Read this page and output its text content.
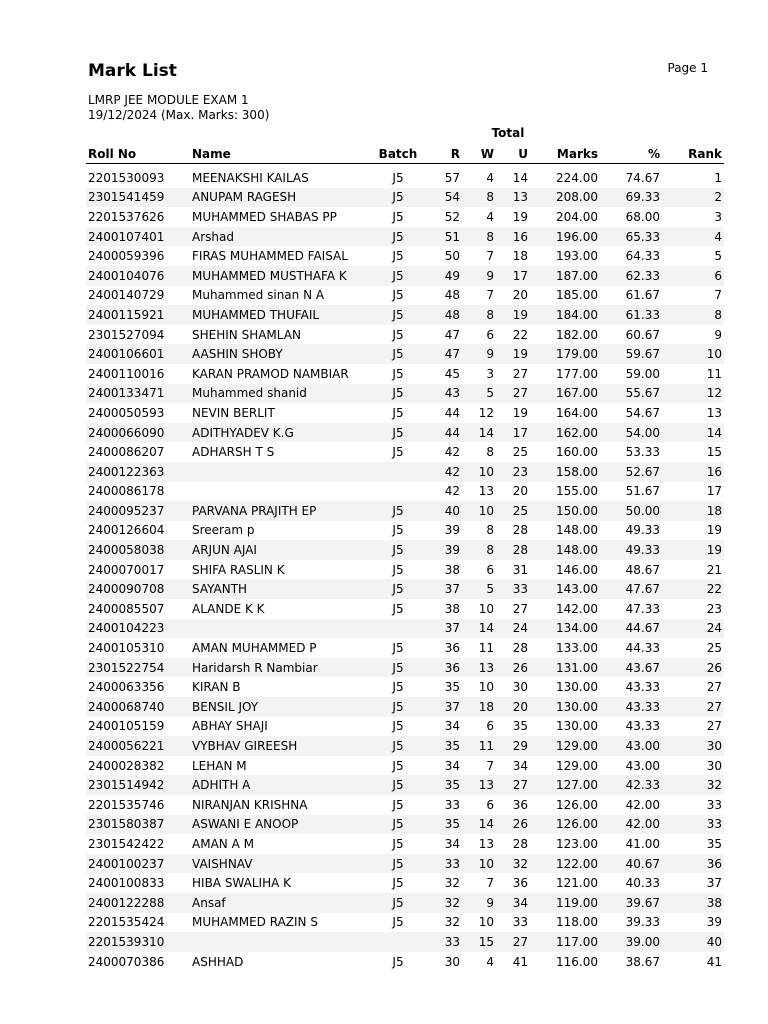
Mark List	Page 1
LMRP JEE MODULE EXAM 1
19/12/2024 (Max. Marks: 300)
Total
Roll No	Name	Batch	R	W	U	Marks	%	Rank
2201530093	MEENAKSHI KAILAS	J5	57	4	14	224.00	74.67	1
2301541459	ANUPAM RAGESH	J5	54	8	13	208.00	69.33	2
2201537626	MUHAMMED SHABAS PP	J5	52	4	19	204.00	68.00	3
2400107401	Arshad	J5	51	8	16	196.00	65.33	4
2400059396	FIRAS MUHAMMED FAISAL	J5	50	7	18	193.00	64.33	5
2400104076	MUHAMMED MUSTHAFA K	J5	49	9	17	187.00	62.33	6
2400140729	Muhammed sinan N A	J5	48	7	20	185.00	61.67	7
2400115921	MUHAMMED THUFAIL	J5	48	8	19	184.00	61.33	8
2301527094	SHEHIN SHAMLAN	J5	47	6	22	182.00	60.67	9
2400106601	AASHIN SHOBY	J5	47	9	19	179.00	59.67	10
2400110016	KARAN PRAMOD NAMBIAR	J5	45	3	27	177.00	59.00	11
2400133471	Muhammed shanid	J5	43	5	27	167.00	55.67	12
2400050593	NEVIN BERLIT	J5	44	12	19	164.00	54.67	13
2400066090	ADITHYADEV K.G	J5	44	14	17	162.00	54.00	14
2400086207	ADHARSH T S	J5	42	8	25	160.00	53.33	15
2400122363			42	10	23	158.00	52.67	16
2400086178			42	13	20	155.00	51.67	17
2400095237	PARVANA PRAJITH EP	J5	40	10	25	150.00	50.00	18
2400126604	Sreeram p	J5	39	8	28	148.00	49.33	19
2400058038	ARJUN AJAI	J5	39	8	28	148.00	49.33	19
2400070017	SHIFA RASLIN K	J5	38	6	31	146.00	48.67	21
2400090708	SAYANTH	J5	37	5	33	143.00	47.67	22
2400085507	ALANDE K K	J5	38	10	27	142.00	47.33	23
2400104223			37	14	24	134.00	44.67	24
2400105310	AMAN MUHAMMED P	J5	36	11	28	133.00	44.33	25
2301522754	Haridarsh R Nambiar	J5	36	13	26	131.00	43.67	26
2400063356	KIRAN B	J5	35	10	30	130.00	43.33	27
2400068740	BENSIL JOY	J5	37	18	20	130.00	43.33	27
2400105159	ABHAY SHAJI	J5	34	6	35	130.00	43.33	27
2400056221	VYBHAV GIREESH	J5	35	11	29	129.00	43.00	30
2400028382	LEHAN M	J5	34	7	34	129.00	43.00	30
2301514942	ADHITH A	J5	35	13	27	127.00	42.33	32
2201535746	NIRANJAN KRISHNA	J5	33	6	36	126.00	42.00	33
2301580387	ASWANI E ANOOP	J5	35	14	26	126.00	42.00	33
2301542422	AMAN A M	J5	34	13	28	123.00	41.00	35
2400100237	VAISHNAV	J5	33	10	32	122.00	40.67	36
2400100833	HIBA SWALIHA K	J5	32	7	36	121.00	40.33	37
2400122288	Ansaf	J5	32	9	34	119.00	39.67	38
2201535424	MUHAMMED RAZIN S	J5	32	10	33	118.00	39.33	39
2201539310			33	15	27	117.00	39.00	40
2400070386	ASHHAD	J5	30	4	41	116.00	38.67	41
